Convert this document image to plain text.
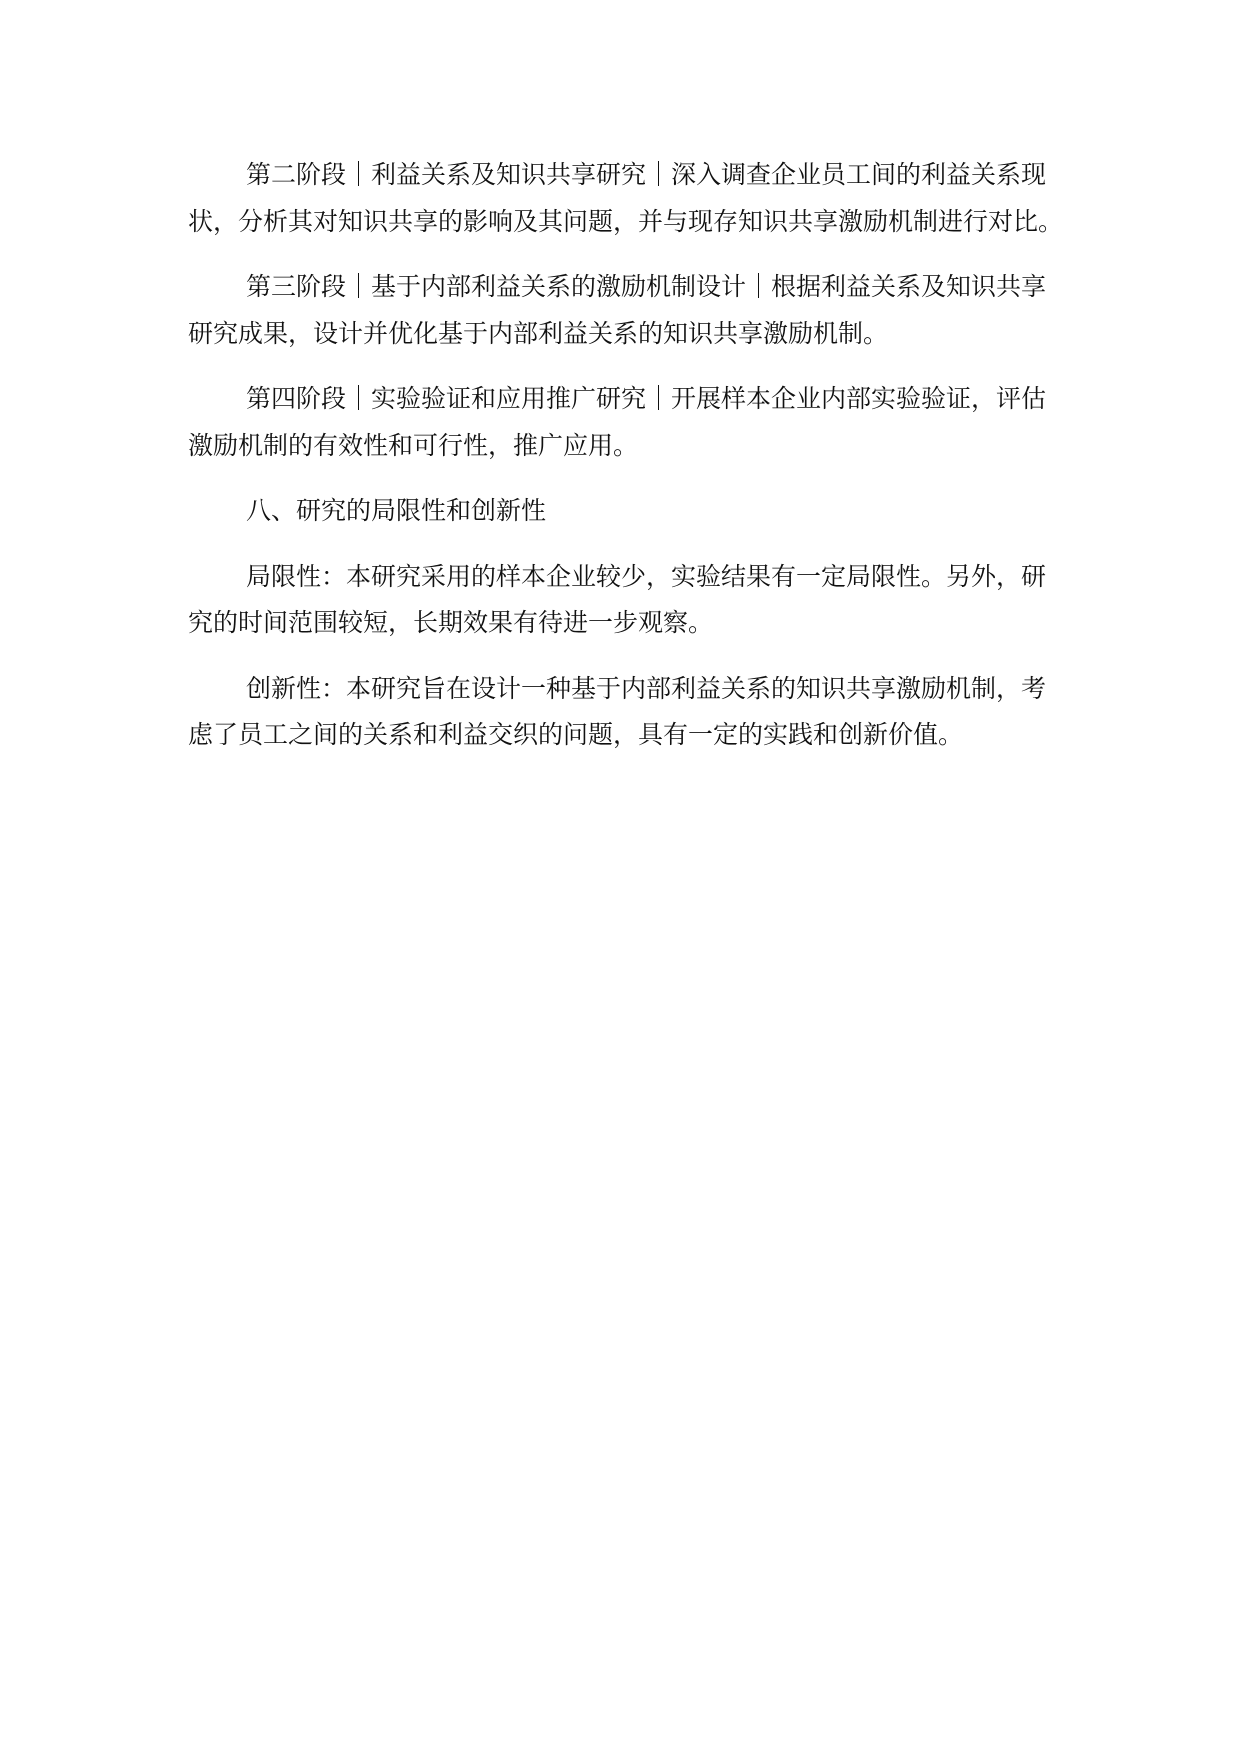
第二阶段｜利益关系及知识共享研究｜深入调查企业员工间的利益关系现状，分析其对知识共享的影响及其问题，并与现存知识共享激励机制进行对比。

第三阶段｜基于内部利益关系的激励机制设计｜根据利益关系及知识共享研究成果，设计并优化基于内部利益关系的知识共享激励机制。

第四阶段｜实验验证和应用推广研究｜开展样本企业内部实验验证，评估激励机制的有效性和可行性，推广应用。

八、研究的局限性和创新性

局限性：本研究采用的样本企业较少，实验结果有一定局限性。另外，研究的时间范围较短，长期效果有待进一步观察。

创新性：本研究旨在设计一种基于内部利益关系的知识共享激励机制，考虑了员工之间的关系和利益交织的问题，具有一定的实践和创新价值。
